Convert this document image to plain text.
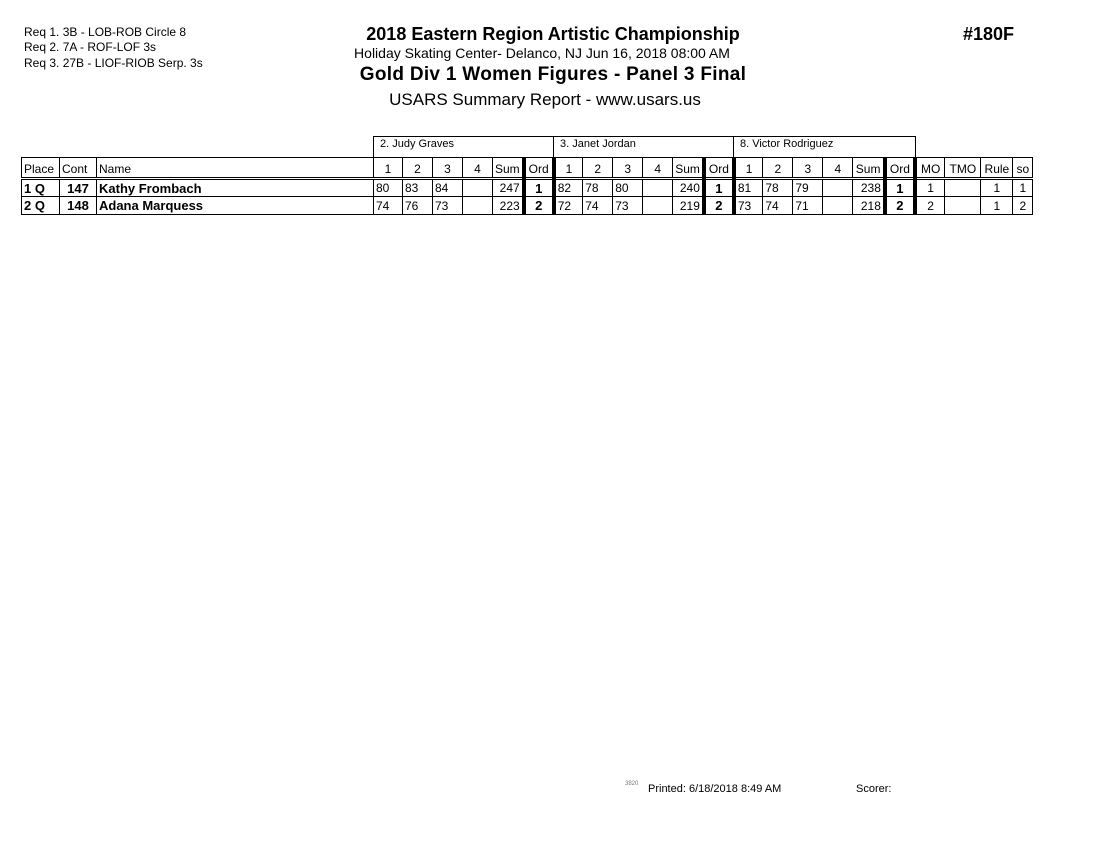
Req 1. 3B - LOB-ROB Circle 8
Req 2. 7A - ROF-LOF 3s
Req 3. 27B - LIOF-RIOB Serp. 3s
2018 Eastern Region Artistic Championship
Holiday Skating Center- Delanco, NJ Jun 16, 2018 08:00 AM
Gold Div 1 Women Figures - Panel 3 Final
USARS Summary Report - www.usars.us
#180F
2. Judy Graves	3. Janet Jordan	8. Victor Rodriguez
Place	Cont	Name	1	2	3	4	Sum	Ord	1	2	3	4	Sum	Ord	1	2	3	4	Sum	Ord	MO	TMO	Rule	so
1 Q	147	Kathy Frombach	80	83	84		247	1	82	78	80		240	1	81	78	79		238	1	1		1	1
2 Q	148	Adana Marquess	74	76	73		223	2	72	74	73		219	2	73	74	71		218	2	2		1	2
3820 Printed: 6/18/2018 8:49 AM	Scorer:
